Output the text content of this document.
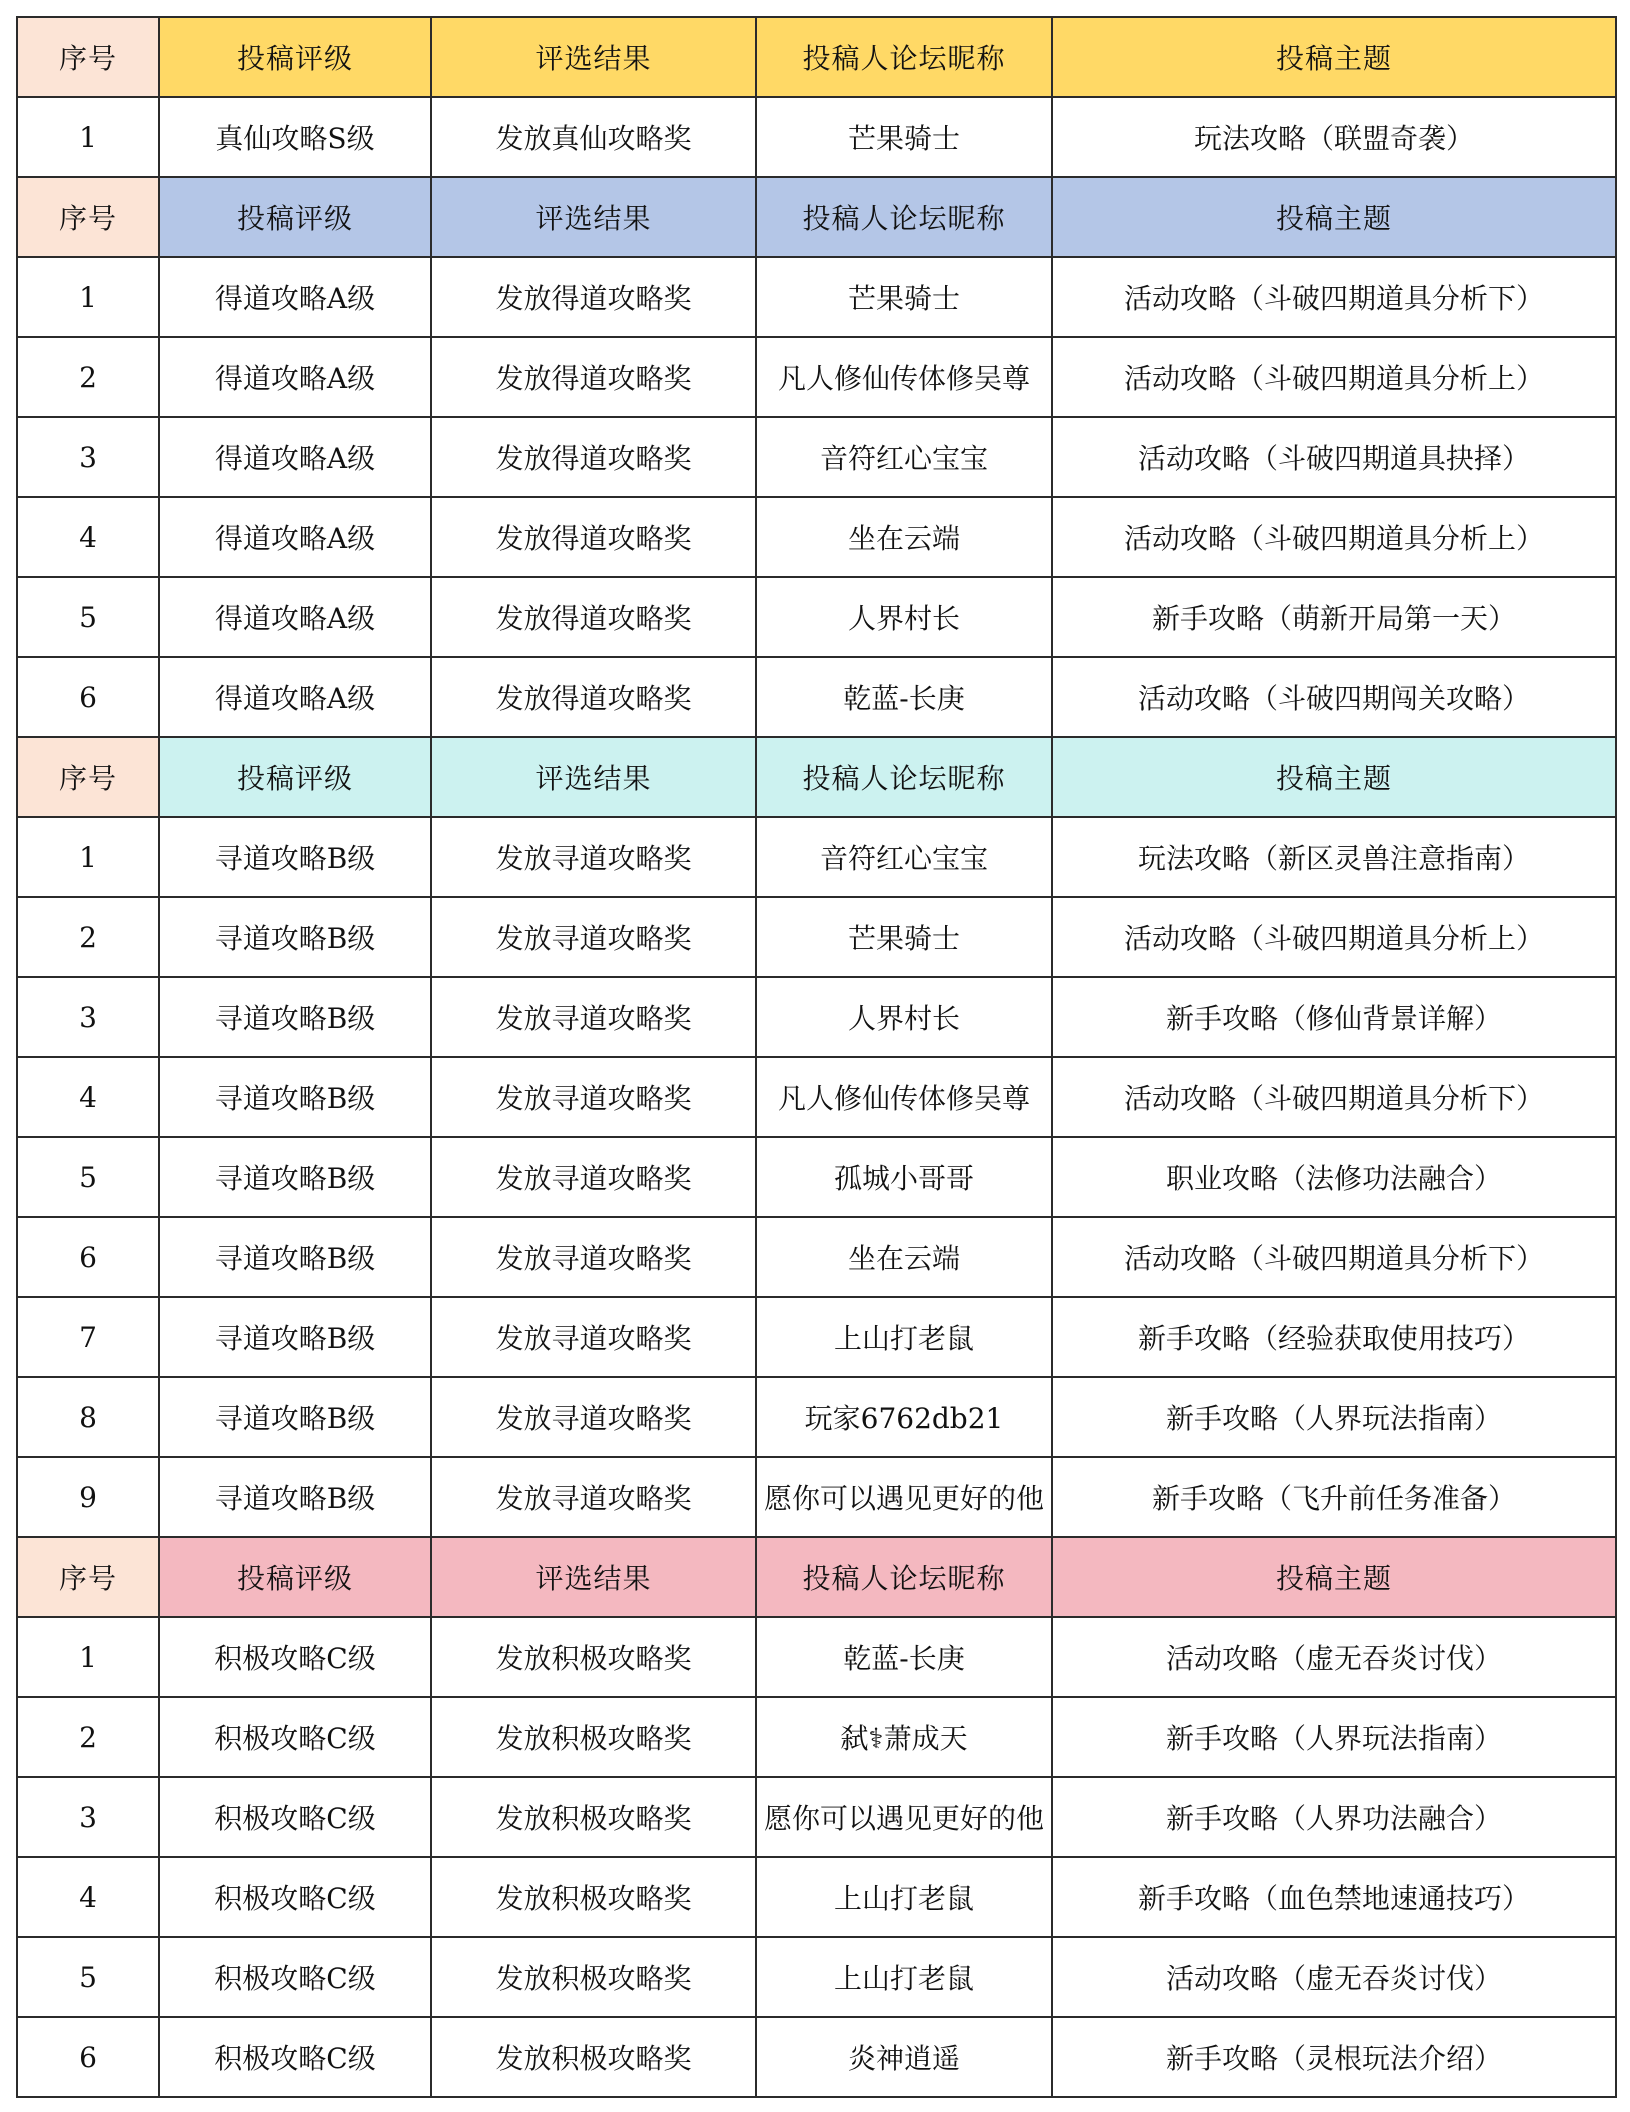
序号	投稿评级	评选结果	投稿人论坛昵称	投稿主题
1	真仙攻略S级	发放真仙攻略奖	芒果骑士	玩法攻略（联盟奇袭）
序号	投稿评级	评选结果	投稿人论坛昵称	投稿主题
1	得道攻略A级	发放得道攻略奖	芒果骑士	活动攻略（斗破四期道具分析下）
2	得道攻略A级	发放得道攻略奖	凡人修仙传体修吴尊	活动攻略（斗破四期道具分析上）
3	得道攻略A级	发放得道攻略奖	音符红心宝宝	活动攻略（斗破四期道具抉择）
4	得道攻略A级	发放得道攻略奖	坐在云端	活动攻略（斗破四期道具分析上）
5	得道攻略A级	发放得道攻略奖	人界村长	新手攻略（萌新开局第一天）
6	得道攻略A级	发放得道攻略奖	乾蓝-长庚	活动攻略（斗破四期闯关攻略）
序号	投稿评级	评选结果	投稿人论坛昵称	投稿主题
1	寻道攻略B级	发放寻道攻略奖	音符红心宝宝	玩法攻略（新区灵兽注意指南）
2	寻道攻略B级	发放寻道攻略奖	芒果骑士	活动攻略（斗破四期道具分析上）
3	寻道攻略B级	发放寻道攻略奖	人界村长	新手攻略（修仙背景详解）
4	寻道攻略B级	发放寻道攻略奖	凡人修仙传体修吴尊	活动攻略（斗破四期道具分析下）
5	寻道攻略B级	发放寻道攻略奖	孤城小哥哥	职业攻略（法修功法融合）
6	寻道攻略B级	发放寻道攻略奖	坐在云端	活动攻略（斗破四期道具分析下）
7	寻道攻略B级	发放寻道攻略奖	上山打老鼠	新手攻略（经验获取使用技巧）
8	寻道攻略B级	发放寻道攻略奖	玩家6762db21	新手攻略（人界玩法指南）
9	寻道攻略B级	发放寻道攻略奖	愿你可以遇见更好的他	新手攻略（飞升前任务准备）
序号	投稿评级	评选结果	投稿人论坛昵称	投稿主题
1	积极攻略C级	发放积极攻略奖	乾蓝-长庚	活动攻略（虚无吞炎讨伐）
2	积极攻略C级	发放积极攻略奖	弑⚕萧成天	新手攻略（人界玩法指南）
3	积极攻略C级	发放积极攻略奖	愿你可以遇见更好的他	新手攻略（人界功法融合）
4	积极攻略C级	发放积极攻略奖	上山打老鼠	新手攻略（血色禁地速通技巧）
5	积极攻略C级	发放积极攻略奖	上山打老鼠	活动攻略（虚无吞炎讨伐）
6	积极攻略C级	发放积极攻略奖	炎神逍遥	新手攻略（灵根玩法介绍）
